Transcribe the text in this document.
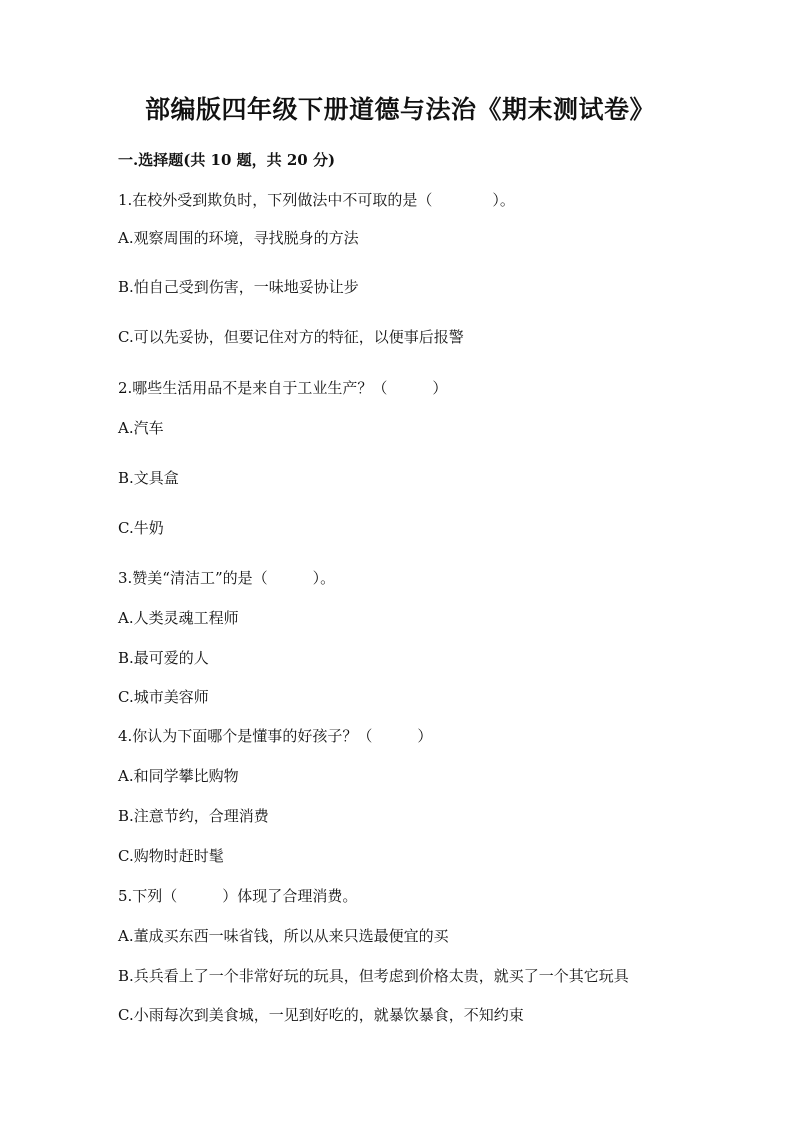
部编版四年级下册道德与法治《期末测试卷》
一.选择题(共 10 题，共 20 分)
1.在校外受到欺负时，下列做法中不可取的是（　　　　）。
A.观察周围的环境，寻找脱身的方法
B.怕自己受到伤害，一味地妥协让步
C.可以先妥协，但要记住对方的特征，以便事后报警
2.哪些生活用品不是来自于工业生产？（　　　）
A.汽车
B.文具盒
C.牛奶
3.赞美“清洁工”的是（　　　）。
A.人类灵魂工程师
B.最可爱的人
C.城市美容师
4.你认为下面哪个是懂事的好孩子？（　　　）
A.和同学攀比购物
B.注意节约，合理消费
C.购物时赶时髦
5.下列（　　　）体现了合理消费。
A.董成买东西一味省钱，所以从来只选最便宜的买
B.兵兵看上了一个非常好玩的玩具，但考虑到价格太贵，就买了一个其它玩具
C.小雨每次到美食城，一见到好吃的，就暴饮暴食，不知约束
